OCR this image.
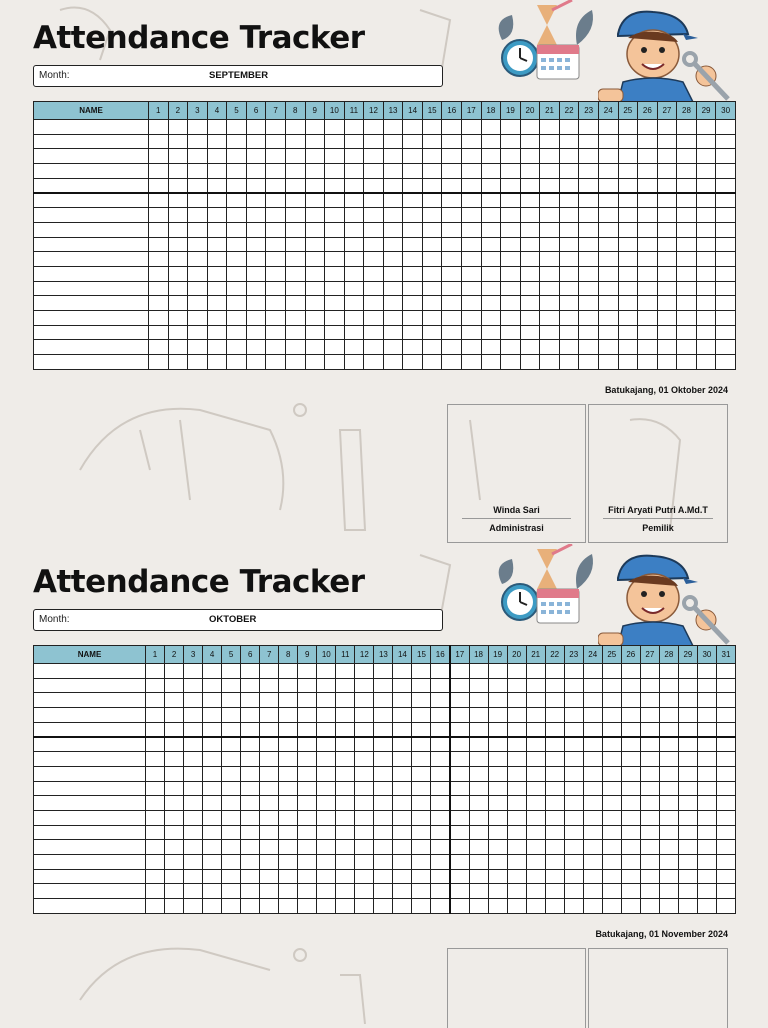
Attendance Tracker
Month:	SEPTEMBER
NAME	1	2	3	4	5	6	7	8	9	10	11	12	13	14	15	16	17	18	19	20	21	22	23	24	25	26	27	28	29	30

Batukajang, 01 Oktober 2024
Winda Sari
Administrasi
Fitri Aryati Putri A.Md.T
Pemilik
Attendance Tracker
Month:	OKTOBER
NAME	1	2	3	4	5	6	7	8	9	10	11	12	13	14	15	16	17	18	19	20	21	22	23	24	25	26	27	28	29	30	31

Batukajang, 01 November 2024
